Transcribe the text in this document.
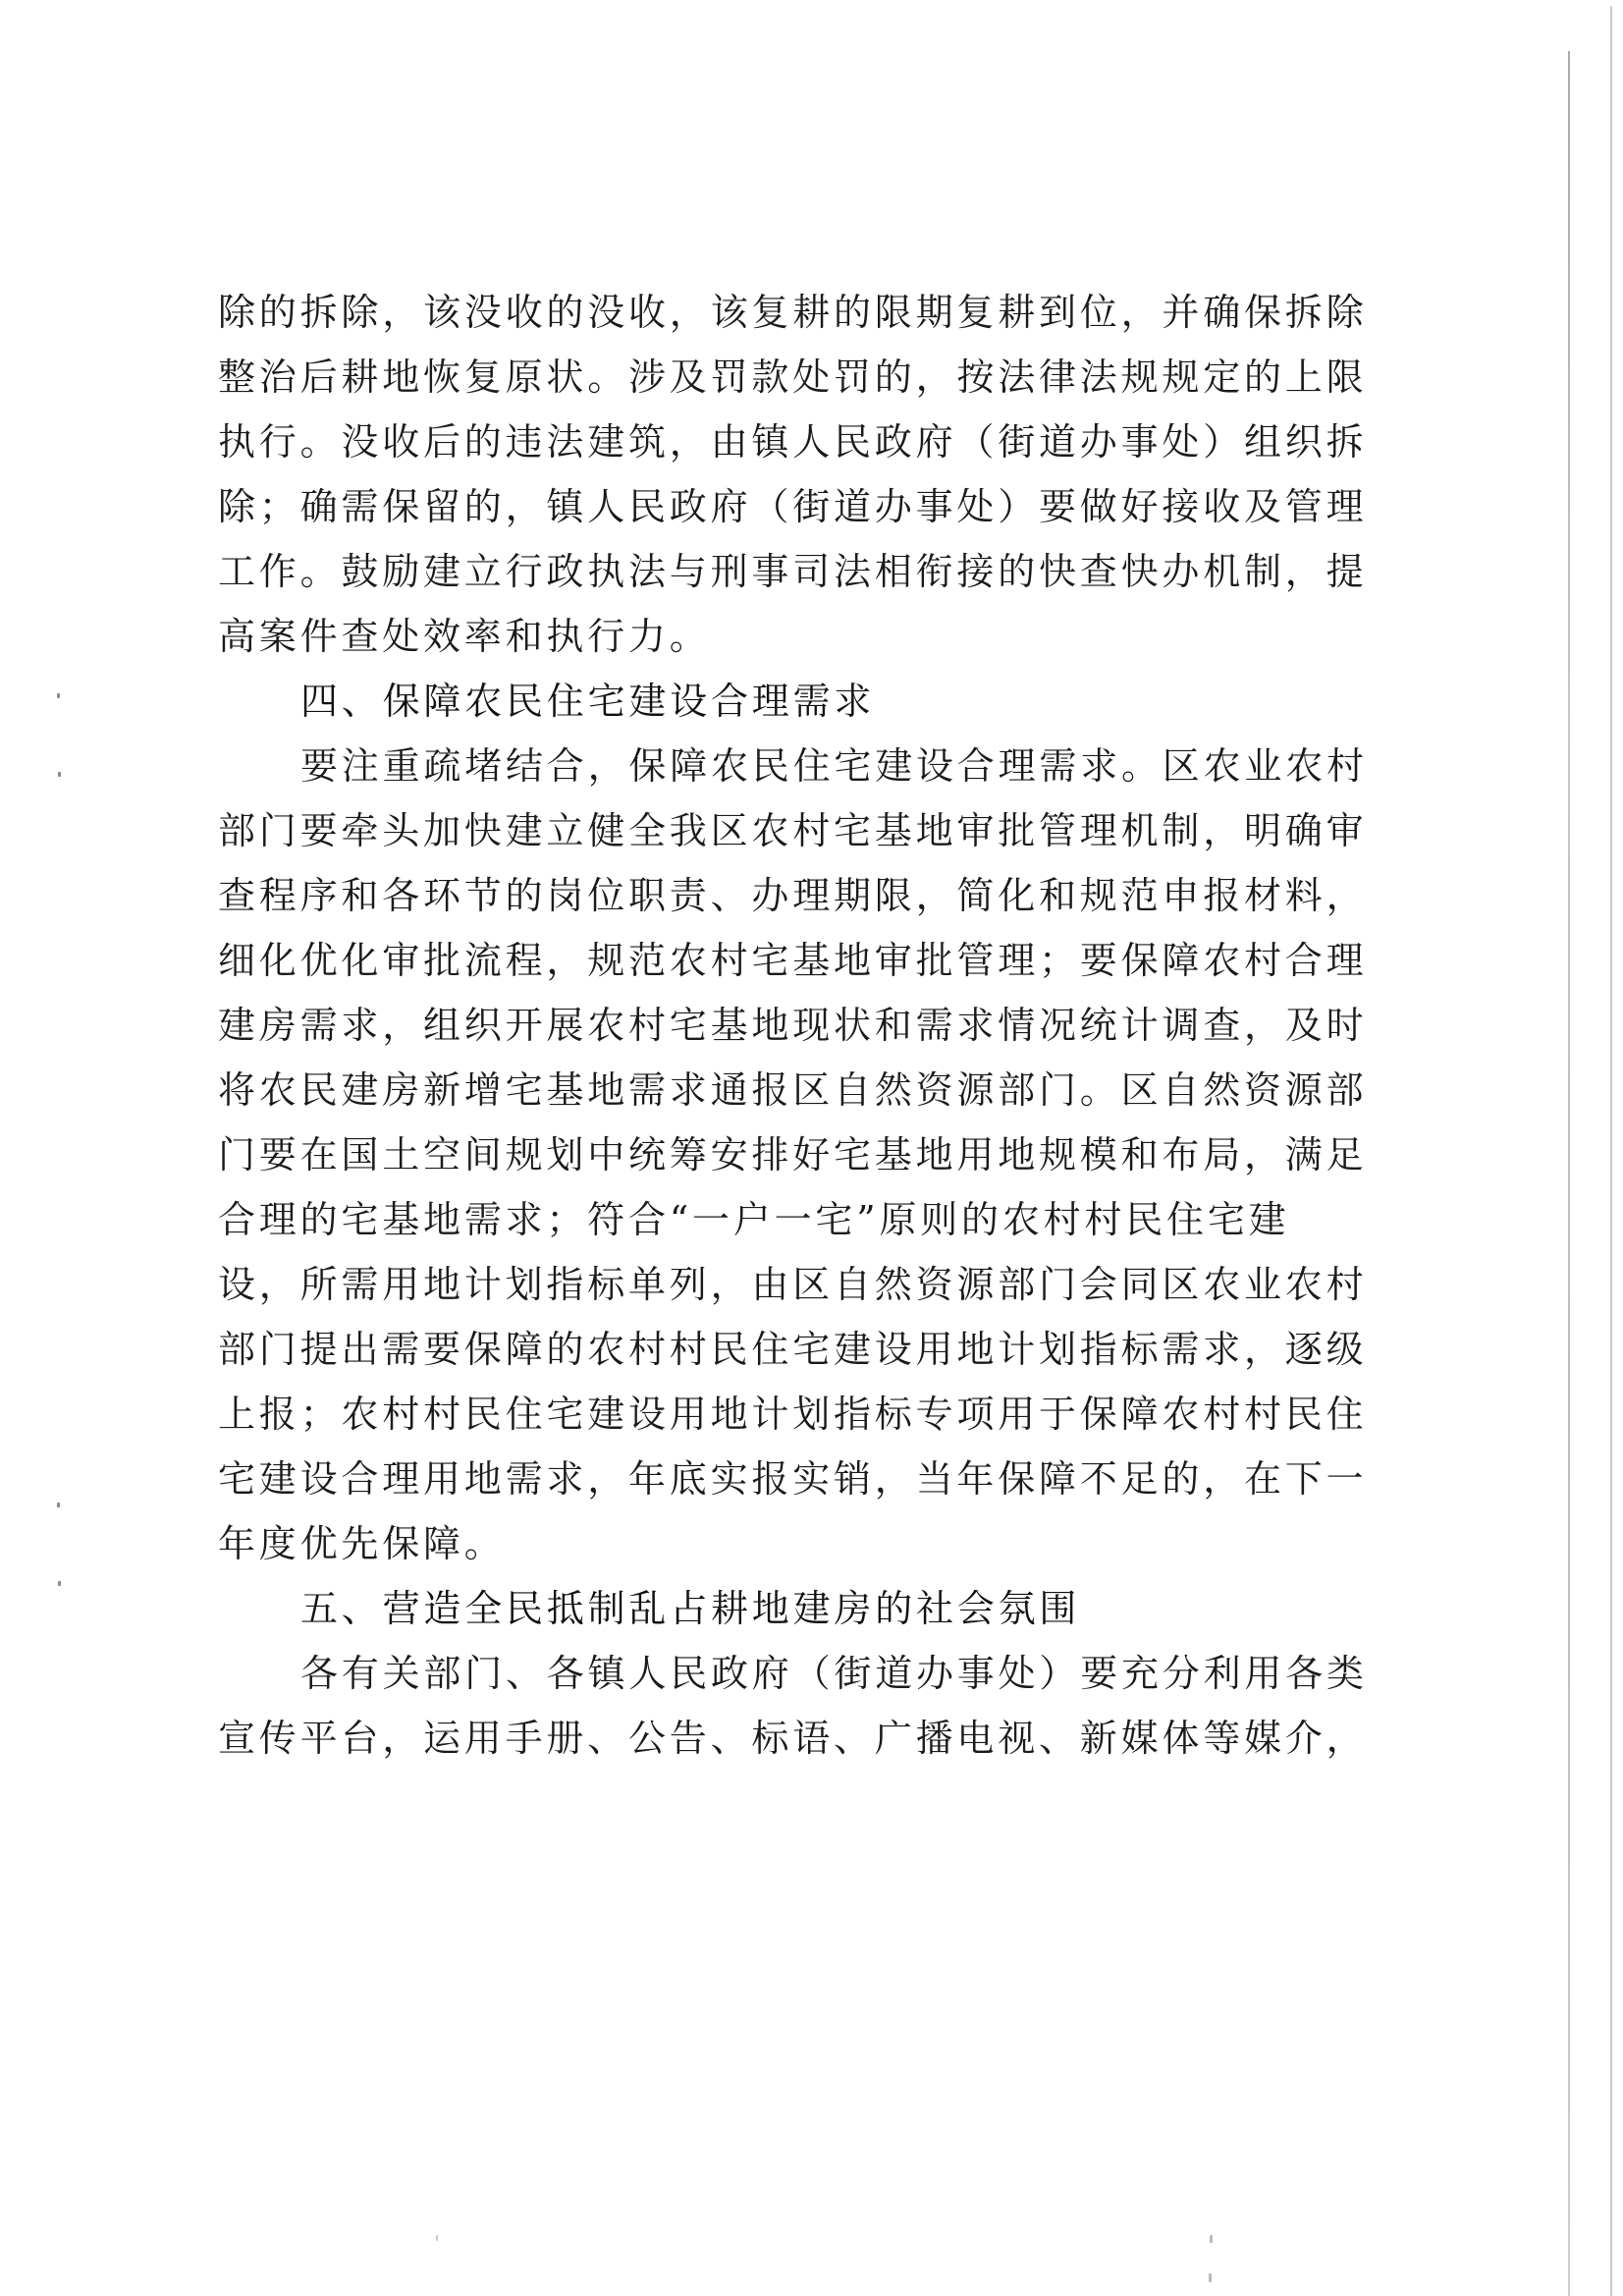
除的拆除，该没收的没收，该复耕的限期复耕到位，并确保拆除
整治后耕地恢复原状。涉及罚款处罚的，按法律法规规定的上限
执行。没收后的违法建筑，由镇人民政府（街道办事处）组织拆
除；确需保留的，镇人民政府（街道办事处）要做好接收及管理
工作。鼓励建立行政执法与刑事司法相衔接的快查快办机制，提
高案件查处效率和执行力。
四、保障农民住宅建设合理需求
要注重疏堵结合，保障农民住宅建设合理需求。区农业农村
部门要牵头加快建立健全我区农村宅基地审批管理机制，明确审
查程序和各环节的岗位职责、办理期限，简化和规范申报材料，
细化优化审批流程，规范农村宅基地审批管理；要保障农村合理
建房需求，组织开展农村宅基地现状和需求情况统计调查，及时
将农民建房新增宅基地需求通报区自然资源部门。区自然资源部
门要在国土空间规划中统筹安排好宅基地用地规模和布局，满足
合理的宅基地需求；符合“一户一宅”原则的农村村民住宅建
设，所需用地计划指标单列，由区自然资源部门会同区农业农村
部门提出需要保障的农村村民住宅建设用地计划指标需求，逐级
上报；农村村民住宅建设用地计划指标专项用于保障农村村民住
宅建设合理用地需求，年底实报实销，当年保障不足的，在下一
年度优先保障。
五、营造全民抵制乱占耕地建房的社会氛围
各有关部门、各镇人民政府（街道办事处）要充分利用各类
宣传平台，运用手册、公告、标语、广播电视、新媒体等媒介，
